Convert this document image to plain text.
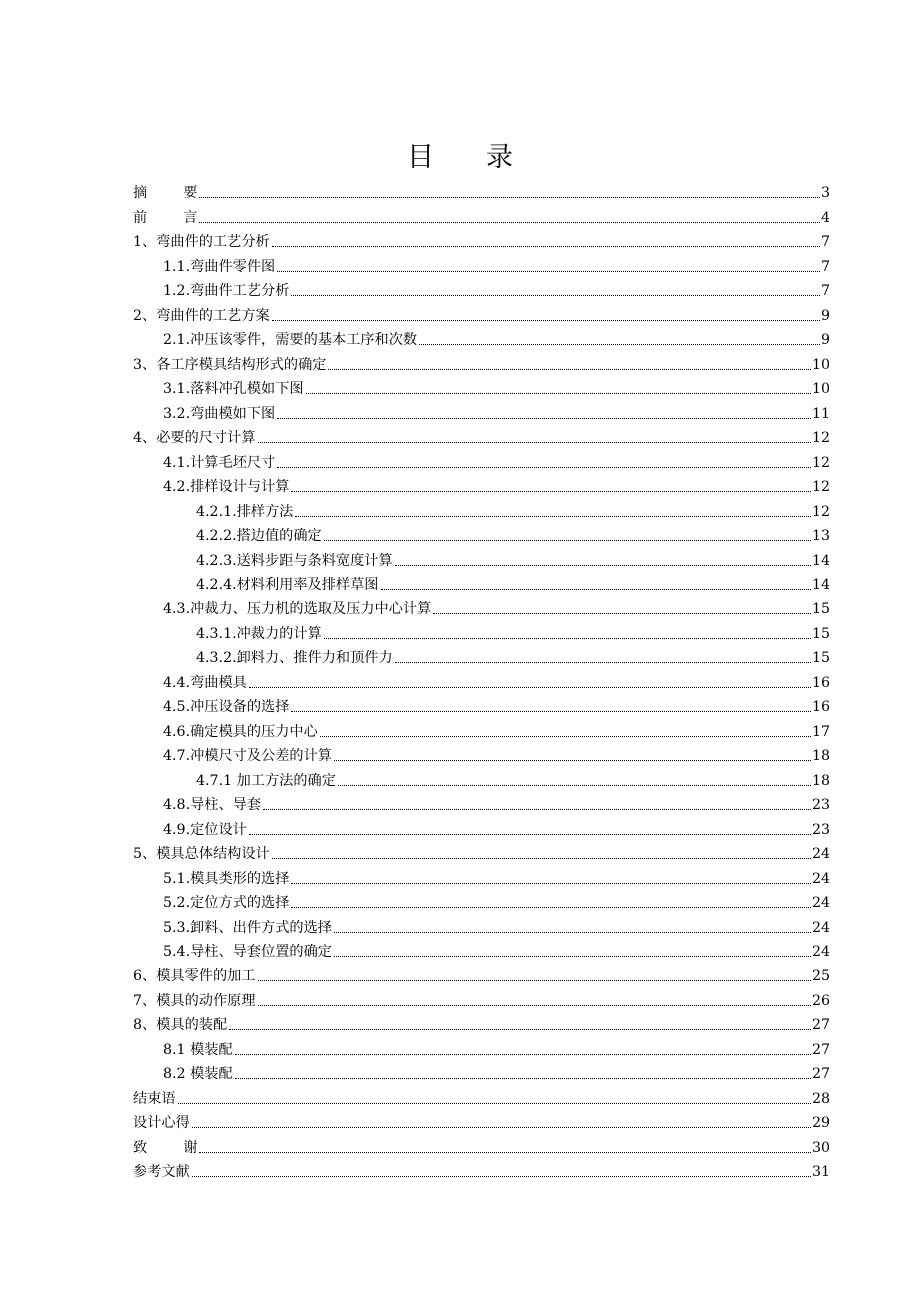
目 录
摘要	3
前言	4
1、弯曲件的工艺分析	7
1.1.弯曲件零件图	7
1.2.弯曲件工艺分析	7
2、弯曲件的工艺方案	9
2.1.冲压该零件，需要的基本工序和次数	9
3、各工序模具结构形式的确定	10
3.1.落料冲孔模如下图	10
3.2.弯曲模如下图	11
4、必要的尺寸计算	12
4.1.计算毛坯尺寸	12
4.2.排样设计与计算	12
4.2.1.排样方法	12
4.2.2.搭边值的确定	13
4.2.3.送料步距与条料宽度计算	14
4.2.4.材料利用率及排样草图	14
4.3.冲裁力、压力机的选取及压力中心计算	15
4.3.1.冲裁力的计算	15
4.3.2.卸料力、推件力和顶件力	15
4.4.弯曲模具	16
4.5.冲压设备的选择	16
4.6.确定模具的压力中心	17
4.7.冲模尺寸及公差的计算	18
4.7.1 加工方法的确定	18
4.8.导柱、导套	23
4.9.定位设计	23
5、模具总体结构设计	24
5.1.模具类形的选择	24
5.2.定位方式的选择	24
5.3.卸料、出件方式的选择	24
5.4.导柱、导套位置的确定	24
6、模具零件的加工	25
7、模具的动作原理	26
8、模具的装配	27
8.1 模装配	27
8.2 模装配	27
结束语	28
设计心得	29
致谢	30
参考文献	31
